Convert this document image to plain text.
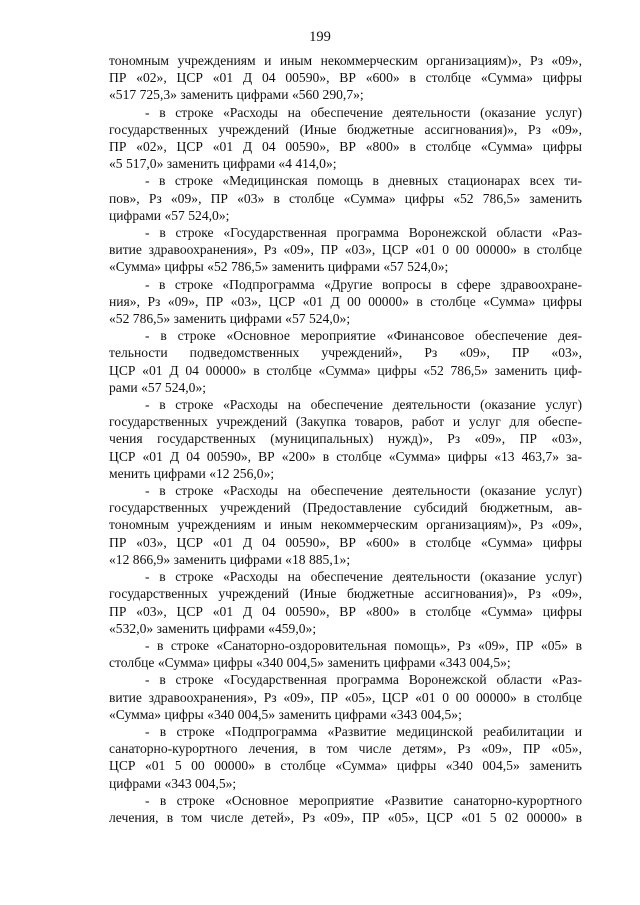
199
тономным учреждениям и иным некоммерческим организациям)», Рз «09»,
ПР «02», ЦСР «01 Д 04 00590», ВР «600» в столбце «Сумма» цифры
«517 725,3» заменить цифрами «560 290,7»;
- в строке «Расходы на обеспечение деятельности (оказание услуг)
государственных учреждений (Иные бюджетные ассигнования)», Рз «09»,
ПР «02», ЦСР «01 Д 04 00590», ВР «800» в столбце «Сумма» цифры
«5 517,0» заменить цифрами «4 414,0»;
- в строке «Медицинская помощь в дневных стационарах всех ти-
пов», Рз «09», ПР «03» в столбце «Сумма» цифры «52 786,5» заменить
цифрами «57 524,0»;
- в строке «Государственная программа Воронежской области «Раз-
витие здравоохранения», Рз «09», ПР «03», ЦСР «01 0 00 00000» в столбце
«Сумма» цифры «52 786,5» заменить цифрами «57 524,0»;
- в строке «Подпрограмма «Другие вопросы в сфере здравоохране-
ния», Рз «09», ПР «03», ЦСР «01 Д 00 00000» в столбце «Сумма» цифры
«52 786,5» заменить цифрами «57 524,0»;
- в строке «Основное мероприятие «Финансовое обеспечение дея-
тельности подведомственных учреждений», Рз «09», ПР «03»,
ЦСР «01 Д 04 00000» в столбце «Сумма» цифры «52 786,5» заменить циф-
рами «57 524,0»;
- в строке «Расходы на обеспечение деятельности (оказание услуг)
государственных учреждений (Закупка товаров, работ и услуг для обеспе-
чения государственных (муниципальных) нужд)», Рз «09», ПР «03»,
ЦСР «01 Д 04 00590», ВР «200» в столбце «Сумма» цифры «13 463,7» за-
менить цифрами «12 256,0»;
- в строке «Расходы на обеспечение деятельности (оказание услуг)
государственных учреждений (Предоставление субсидий бюджетным, ав-
тономным учреждениям и иным некоммерческим организациям)», Рз «09»,
ПР «03», ЦСР «01 Д 04 00590», ВР «600» в столбце «Сумма» цифры
«12 866,9» заменить цифрами «18 885,1»;
- в строке «Расходы на обеспечение деятельности (оказание услуг)
государственных учреждений (Иные бюджетные ассигнования)», Рз «09»,
ПР «03», ЦСР «01 Д 04 00590», ВР «800» в столбце «Сумма» цифры
«532,0» заменить цифрами «459,0»;
- в строке «Санаторно-оздоровительная помощь», Рз «09», ПР «05» в
столбце «Сумма» цифры «340 004,5» заменить цифрами «343 004,5»;
- в строке «Государственная программа Воронежской области «Раз-
витие здравоохранения», Рз «09», ПР «05», ЦСР «01 0 00 00000» в столбце
«Сумма» цифры «340 004,5» заменить цифрами «343 004,5»;
- в строке «Подпрограмма «Развитие медицинской реабилитации и
санаторно-курортного лечения, в том числе детям», Рз «09», ПР «05»,
ЦСР «01 5 00 00000» в столбце «Сумма» цифры «340 004,5» заменить
цифрами «343 004,5»;
- в строке «Основное мероприятие «Развитие санаторно-курортного
лечения, в том числе детей», Рз «09», ПР «05», ЦСР «01 5 02 00000» в
